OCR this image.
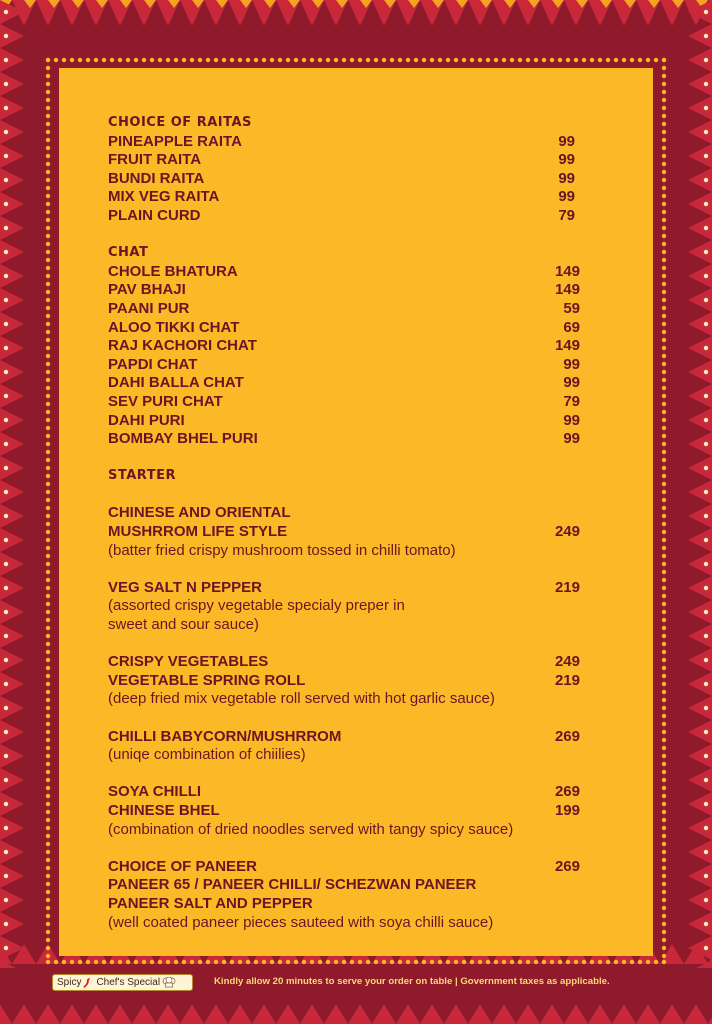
CHOICE OF RAITAS
PINEAPPLE RAITA	99
FRUIT RAITA	99
BUNDI RAITA	99
MIX VEG RAITA	99
PLAIN CURD	79
CHAT
CHOLE BHATURA	149
PAV BHAJI	149
PAANI PUR	59
ALOO TIKKI CHAT	69
RAJ KACHORI CHAT	149
PAPDI CHAT	99
DAHI BALLA CHAT	99
SEV PURI CHAT	79
DAHI PURI	99
BOMBAY BHEL PURI	99
STARTER
CHINESE AND ORIENTAL
MUSHRROM LIFE STYLE	249
(batter fried crispy mushroom tossed in chilli tomato)
VEG SALT N PEPPER	219
(assorted crispy vegetable specialy preper in
sweet and sour sauce)
CRISPY VEGETABLES	249
VEGETABLE SPRING ROLL	219
(deep fried mix vegetable roll served with hot garlic sauce)
CHILLI BABYCORN/MUSHRROM	269
(uniqe combination of chiilies)
SOYA CHILLI	269
CHINESE BHEL	199
(combination of dried noodles served with tangy spicy sauce)
CHOICE OF PANEER	269
PANEER 65 / PANEER CHILLI/ SCHEZWAN PANEER
PANEER SALT AND PEPPER
(well coated paneer pieces sauteed with soya chilli sauce)
Spicy Chef's Special	Kindly allow 20 minutes to serve your order on table | Government taxes as applicable.
